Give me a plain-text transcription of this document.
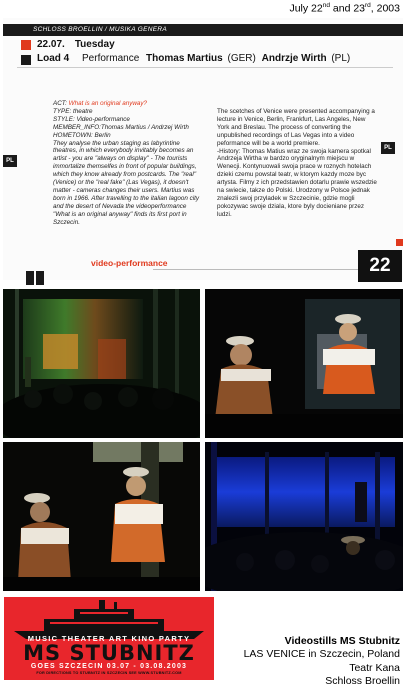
July 22nd and 23rd, 2003
SCHLOSS BROELLIN / MUSIKA GENERA
22.07. Tuesday
Load 4 Performance Thomas Martius (GER) Andrzje Wirth (PL)
PL
ACT: What is an original anyway?
TYPE: theatre
STYLE: Video-performance
MEMBER_INFO:Thomas Martius / Andrzej Wirth
HOMETOWN: Berlin
They analyse the urban staging as labyrintine theatres, in which everybody invitably becomes an artist - you are "always on display" - The tourists immortalize themselfes in front of popular buildings, which they know already from postcards. The "real" (Venice) or the "real fake" (Las Vegas), it doesn't matter - cameras changes their users. Martius was born in 1966. After travelling to the italian lagoon city and the desert of Nevada the videoperformance "What is an original anyway" finds its first port in Szczecin.
The scetches of Venice were presented accompanying a lecture in Venice, Berlin, Frankfurt, Las Angeles, New York and Breslau. The process of converting the unpublished recordings of Las Vegas into a video peformance will be a world premiere.
-History: Thomas Matius wraz ze swoja kamera spotkal Andrzeja Wirtha w bardzo oryginalnym miejscu w Wenecji. Kontynuowali swoja prace w roznych hotelach dzieki czemu powstal teatr, w ktorym kazdy moze byc artysta. Filmy z ich przedstawien dotarlu prawie wszedzie na swiecie, takze do Polski. Urodzony w Polsce jednak znalezli swoj przyladek w Szczecinie, gdzie mogli pokozywac swoje dziala, ktore byly docieniane przez ludzi.
PL
video-performance	22
MUSIC THEATER ART KINO PARTY
MS STUBNITZ
GOES SZCZECIN 03.07 - 03.08.2003
FOR DIRECTIONS TO STUBNITZ IN SZCZECIN SEE WWW.STUBNITZ.COM
Videostills MS Stubnitz
LAS VENICE in Szczecin, Poland
Teatr Kana
Schloss Broellin
